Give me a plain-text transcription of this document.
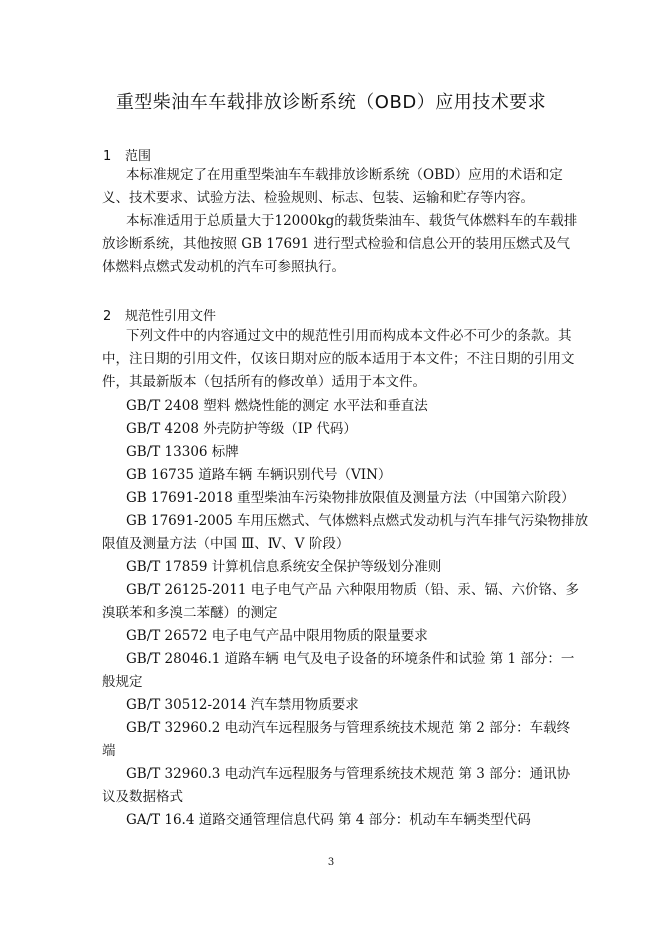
重型柴油车车载排放诊断系统（OBD）应用技术要求
1 范围
本标准规定了在用重型柴油车车载排放诊断系统（OBD）应用的术语和定
义、技术要求、试验方法、检验规则、标志、包装、运输和贮存等内容。
本标准适用于总质量大于12000kg的载货柴油车、载货气体燃料车的车载排
放诊断系统，其他按照 GB 17691 进行型式检验和信息公开的装用压燃式及气
体燃料点燃式发动机的汽车可参照执行。
2 规范性引用文件
下列文件中的内容通过文中的规范性引用而构成本文件必不可少的条款。其
中，注日期的引用文件，仅该日期对应的版本适用于本文件；不注日期的引用文
件，其最新版本（包括所有的修改单）适用于本文件。
GB/T 2408 塑料 燃烧性能的测定 水平法和垂直法
GB/T 4208 外壳防护等级（IP 代码）
GB/T 13306 标牌
GB 16735 道路车辆 车辆识别代号（VIN）
GB 17691-2018 重型柴油车污染物排放限值及测量方法（中国第六阶段）
GB 17691-2005 车用压燃式、气体燃料点燃式发动机与汽车排气污染物排放
限值及测量方法（中国 Ⅲ、Ⅳ、Ⅴ 阶段）
GB/T 17859 计算机信息系统安全保护等级划分准则
GB/T 26125-2011 电子电气产品 六种限用物质（铅、汞、镉、六价铬、多
溴联苯和多溴二苯醚）的测定
GB/T 26572 电子电气产品中限用物质的限量要求
GB/T 28046.1 道路车辆 电气及电子设备的环境条件和试验 第 1 部分：一
般规定
GB/T 30512-2014 汽车禁用物质要求
GB/T 32960.2 电动汽车远程服务与管理系统技术规范 第 2 部分：车载终
端
GB/T 32960.3 电动汽车远程服务与管理系统技术规范 第 3 部分：通讯协
议及数据格式
GA/T 16.4 道路交通管理信息代码 第 4 部分：机动车车辆类型代码
3
